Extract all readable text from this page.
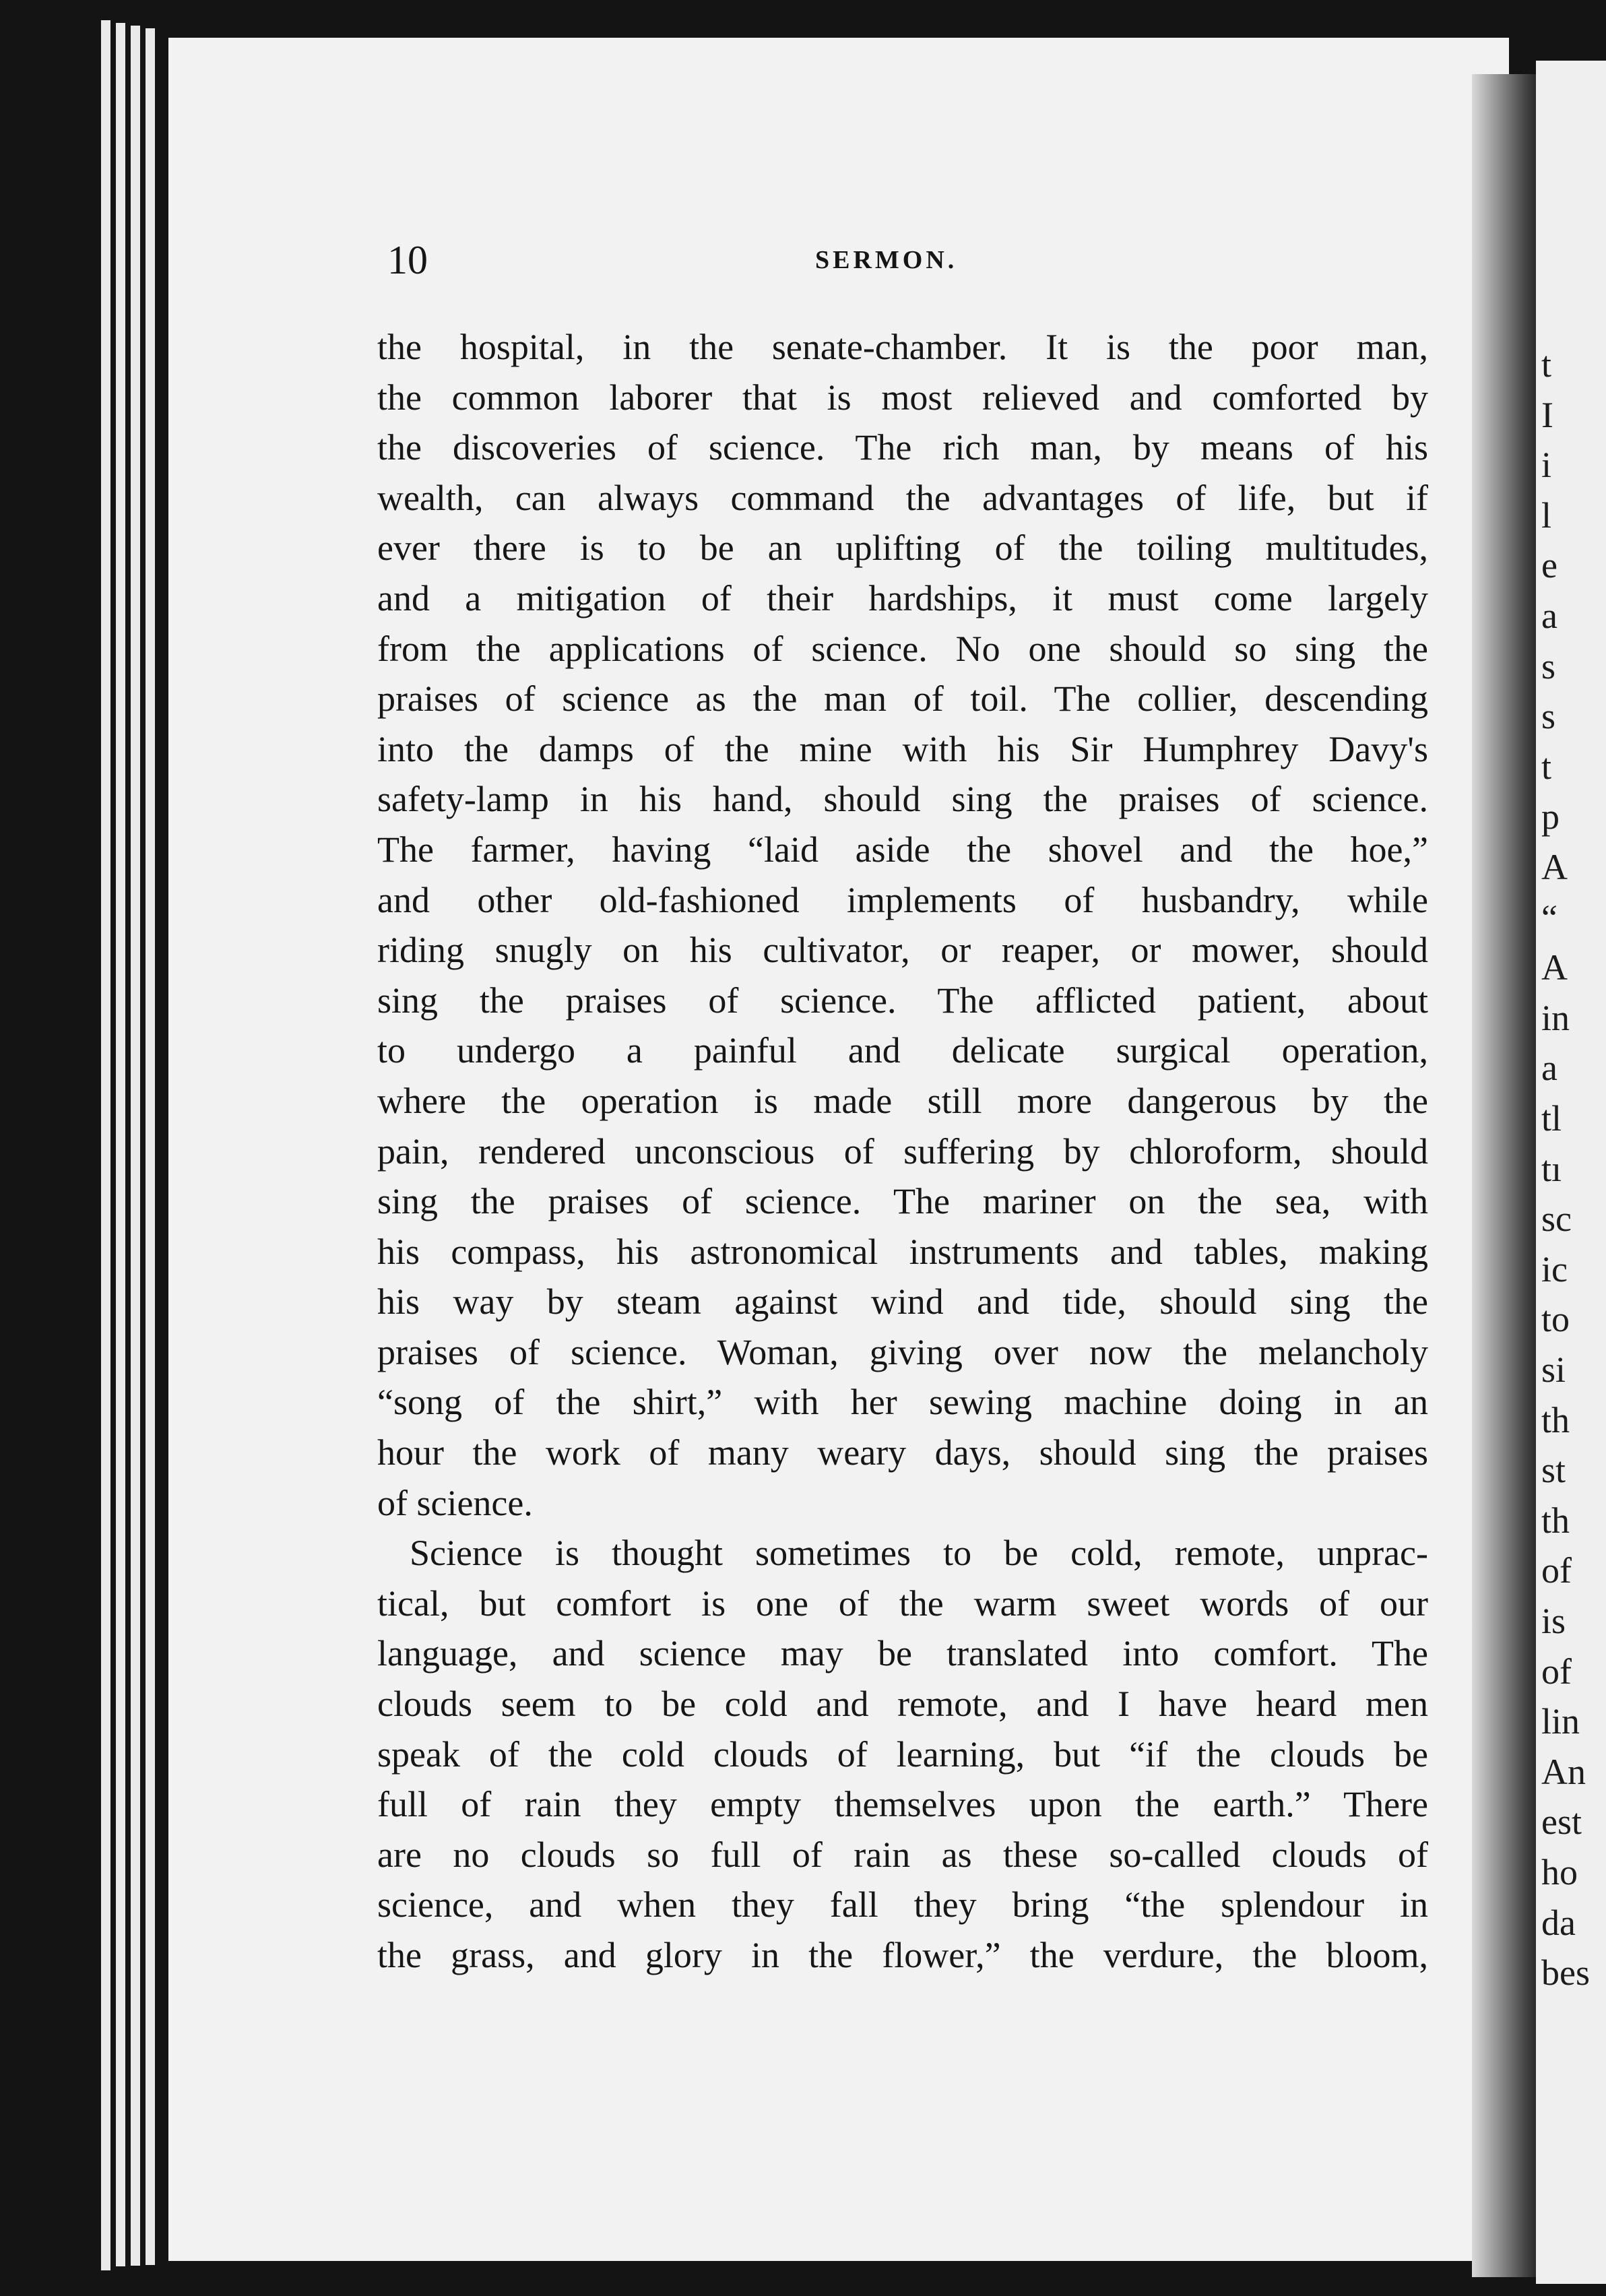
t
I
i
l
e
a
s
s
t
p
A
“
A
in
a
tl
tı
sc
ic
to
si
th
st
th
of
is
of
lin
An
est
ho
da
bes
10	SERMON.
the hospital, in the senate-chamber. It is the poor man,
the common laborer that is most relieved and comforted by
the discoveries of science. The rich man, by means of his
wealth, can always command the advantages of life, but if
ever there is to be an uplifting of the toiling multitudes,
and a mitigation of their hardships, it must come largely
from the applications of science. No one should so sing the
praises of science as the man of toil. The collier, descending
into the damps of the mine with his Sir Humphrey Davy's
safety-lamp in his hand, should sing the praises of science.
The farmer, having “laid aside the shovel and the hoe,”
and other old-fashioned implements of husbandry, while
riding snugly on his cultivator, or reaper, or mower, should
sing the praises of science. The afflicted patient, about
to undergo a painful and delicate surgical operation,
where the operation is made still more dangerous by the
pain, rendered unconscious of suffering by chloroform, should
sing the praises of science. The mariner on the sea, with
his compass, his astronomical instruments and tables, making
his way by steam against wind and tide, should sing the
praises of science. Woman, giving over now the melancholy
“song of the shirt,” with her sewing machine doing in an
hour the work of many weary days, should sing the praises
of science.
Science is thought sometimes to be cold, remote, unprac-
tical, but comfort is one of the warm sweet words of our
language, and science may be translated into comfort. The
clouds seem to be cold and remote, and I have heard men
speak of the cold clouds of learning, but “if the clouds be
full of rain they empty themselves upon the earth.” There
are no clouds so full of rain as these so-called clouds of
science, and when they fall they bring “the splendour in
the grass, and glory in the flower,” the verdure, the bloom,
